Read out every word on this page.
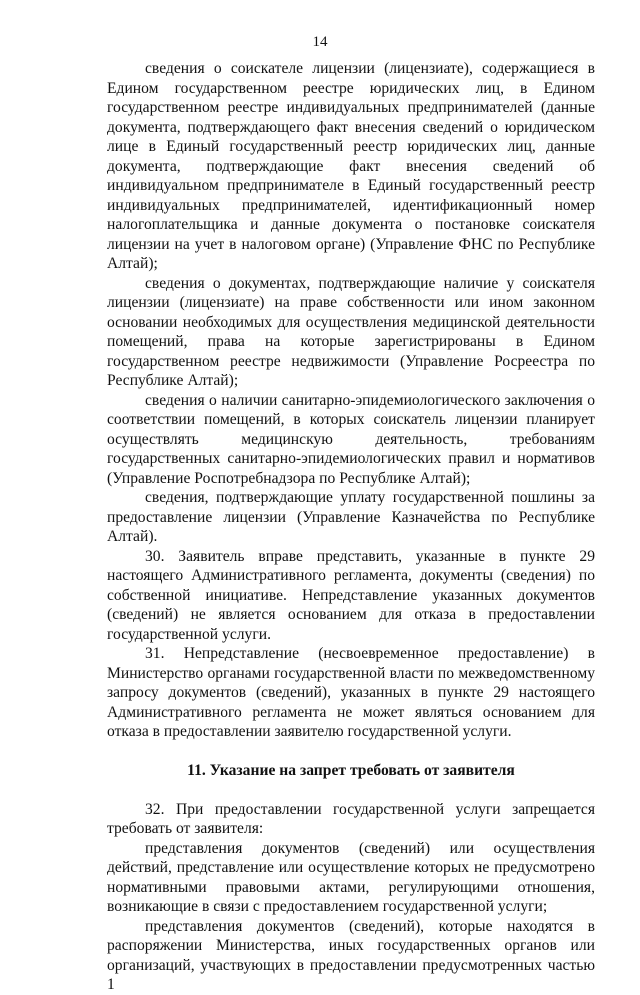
14

сведения о соискателе лицензии (лицензиате), содержащиеся в Едином государственном реестре юридических лиц, в Едином государственном реестре индивидуальных предпринимателей (данные документа, подтверждающего факт внесения сведений о юридическом лице в Единый государственный реестр юридических лиц, данные документа, подтверждающие факт внесения сведений об индивидуальном предпринимателе в Единый государственный реестр индивидуальных предпринимателей, идентификационный номер налогоплательщика и данные документа о постановке соискателя лицензии на учет в налоговом органе) (Управление ФНС по Республике Алтай);

сведения о документах, подтверждающие наличие у соискателя лицензии (лицензиате) на праве собственности или ином законном основании необходимых для осуществления медицинской деятельности помещений, права на которые зарегистрированы в Едином государственном реестре недвижимости (Управление Росреестра по Республике Алтай);

сведения о наличии санитарно-эпидемиологического заключения о соответствии помещений, в которых соискатель лицензии планирует осуществлять медицинскую деятельность, требованиям государственных санитарно-эпидемиологических правил и нормативов (Управление Роспотребнадзора по Республике Алтай);

сведения, подтверждающие уплату государственной пошлины за предоставление лицензии (Управление Казначейства по Республике Алтай).

30. Заявитель вправе представить, указанные в пункте 29 настоящего Административного регламента, документы (сведения) по собственной инициативе. Непредставление указанных документов (сведений) не является основанием для отказа в предоставлении государственной услуги.

31. Непредставление (несвоевременное предоставление) в Министерство органами государственной власти по межведомственному запросу документов (сведений), указанных в пункте 29 настоящего Административного регламента не может являться основанием для отказа в предоставлении заявителю государственной услуги.

11. Указание на запрет требовать от заявителя

32. При предоставлении государственной услуги запрещается требовать от заявителя:

представления документов (сведений) или осуществления действий, представление или осуществление которых не предусмотрено нормативными правовыми актами, регулирующими отношения, возникающие в связи с предоставлением государственной услуги;

представления документов (сведений), которые находятся в распоряжении Министерства, иных государственных органов или организаций, участвующих в предоставлении предусмотренных частью 1
